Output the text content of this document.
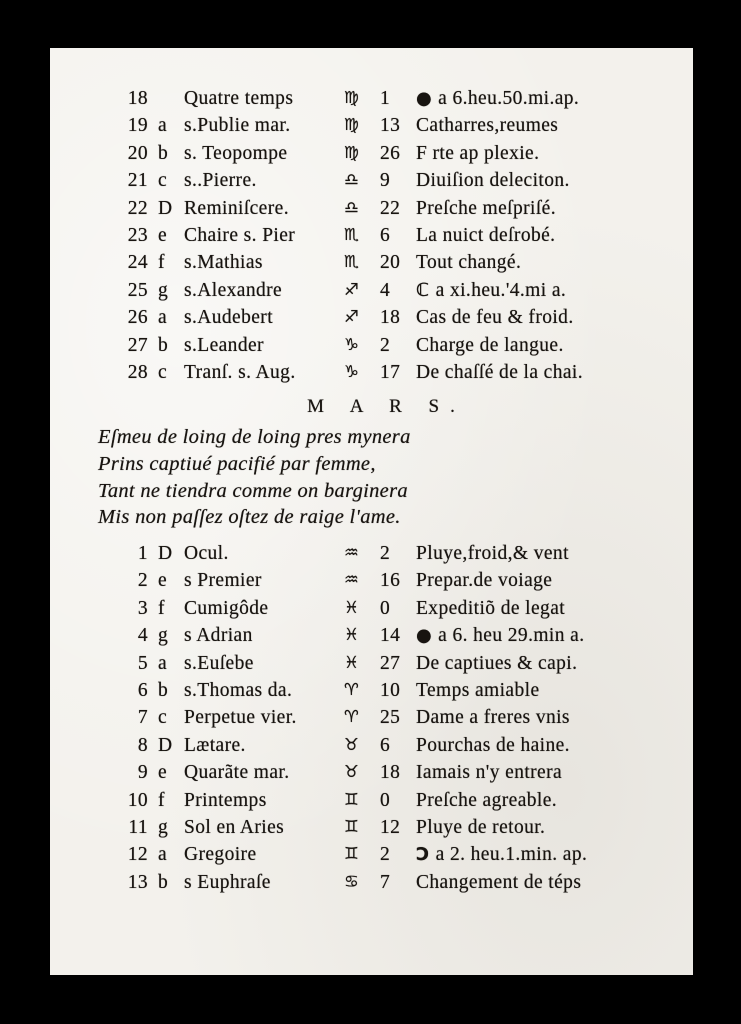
18	Quatre temps	♍	1	● a 6.heu.50.mi.ap.
19 a s.Publie mar.	♍	13 Catharres,reumes
20 b s. Teopompe	♍	26 F rte ap plexie.
21 c s..Pierre.	♎	9	Diuiſion deleciton.
22 D Reminiſcere.	♎	22 Preſche meſpriſé.
23 e Chaire s. Pier	♏	6	La nuict deſrobé.
24 f s.Mathias	♏	20 Tout changé.
25 g s.Alexandre	♐	4	ℂ a xi.heu.'4.mi a.
26 a s.Audebert	♐	18 Cas de feu & froid.
27 b s.Leander	♑	2	Charge de langue.
28 c Tranſ. s. Aug.	♑	17 De chaſſé de la chai.
M A R S.
Eſmeu de loing de loing pres mynera
Prins captiué pacifié par femme,
Tant ne tiendra comme on barginera
Mis non paſſez oſtez de raige l'ame.
1 D Ocul.	♒	2	Pluye,froid,& vent
2 e s Premier	♒	16 Prepar.de voiage
3 f Cumigôde	♓	0	Expeditiõ de legat
4 g s Adrian	♓	14 ● a 6. heu 29.min a.
5 a s.Euſebe	♓	27 De captiues & capi.
6 b s.Thomas da.	♈	10 Temps amiable
7 c Perpetue vier.	♈	25 Dame a freres vnis
8 D Lætare.	♉	6	Pourchas de haine.
9 e Quarãte mar.	♉	18 Iamais n'y entrera
10 f Printemps	♊	0	Preſche agreable.
11 g Sol en Aries	♊	12 Pluye de retour.
12 a Gregoire	♊	2	Ɔ a 2. heu.1.min. ap.
13 b s Euphraſe	♋	7	Changement de téps
